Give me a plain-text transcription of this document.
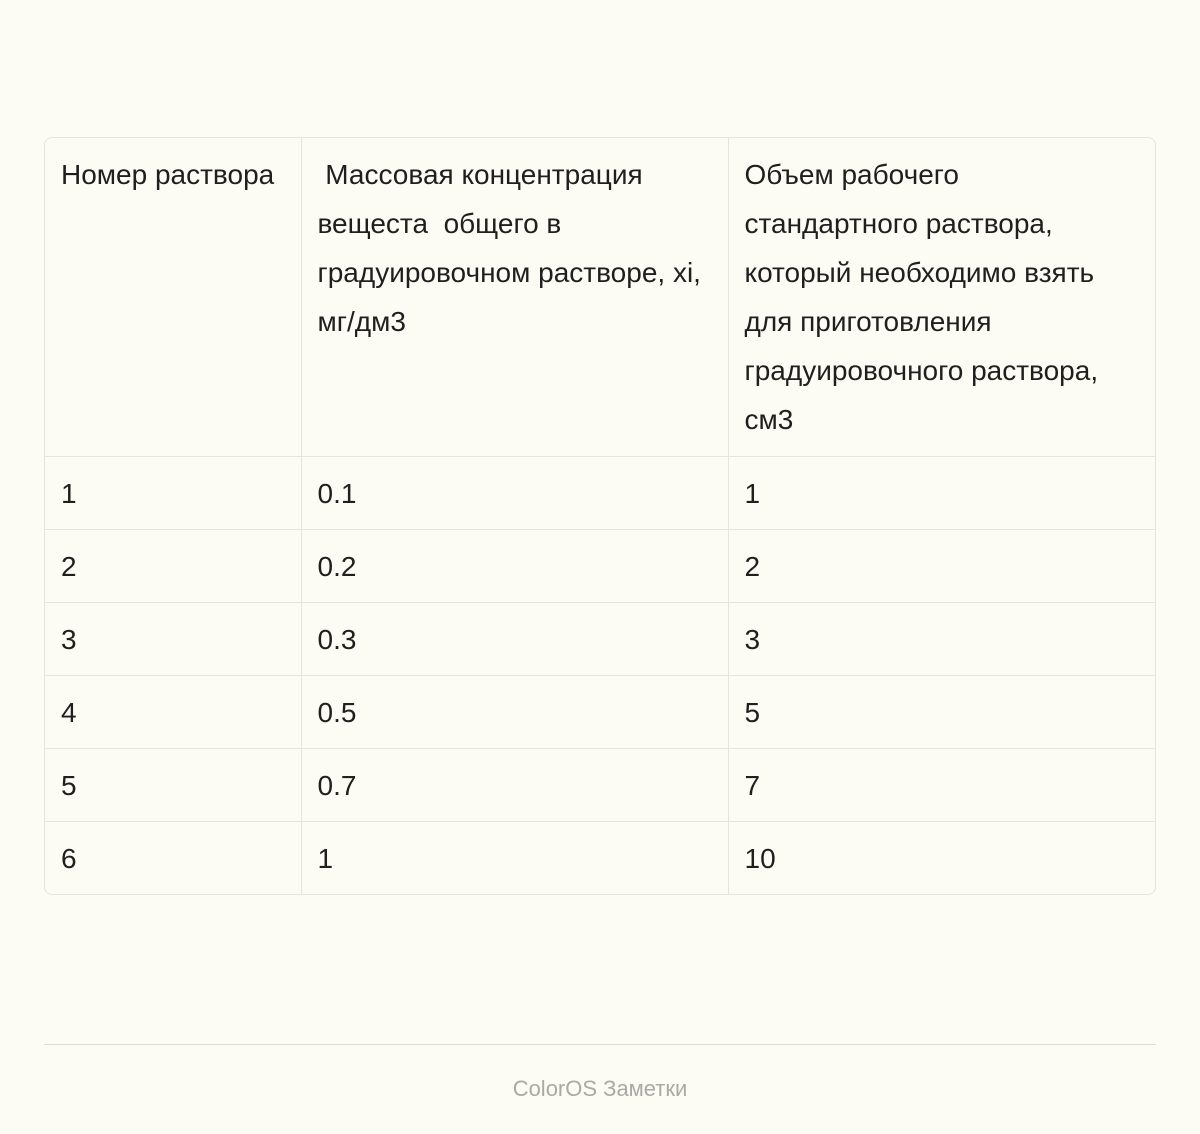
Номер раствора	Массовая концентрация вещеста  общего в градуировочном растворе, xi, мг/дм3	Объем рабочего стандартного раствора, который необходимо взять для приготовления градуировочного раствора, см3
1	0.1	1
2	0.2	2
3	0.3	3
4	0.5	5
5	0.7	7
6	1	10
ColorOS Заметки
